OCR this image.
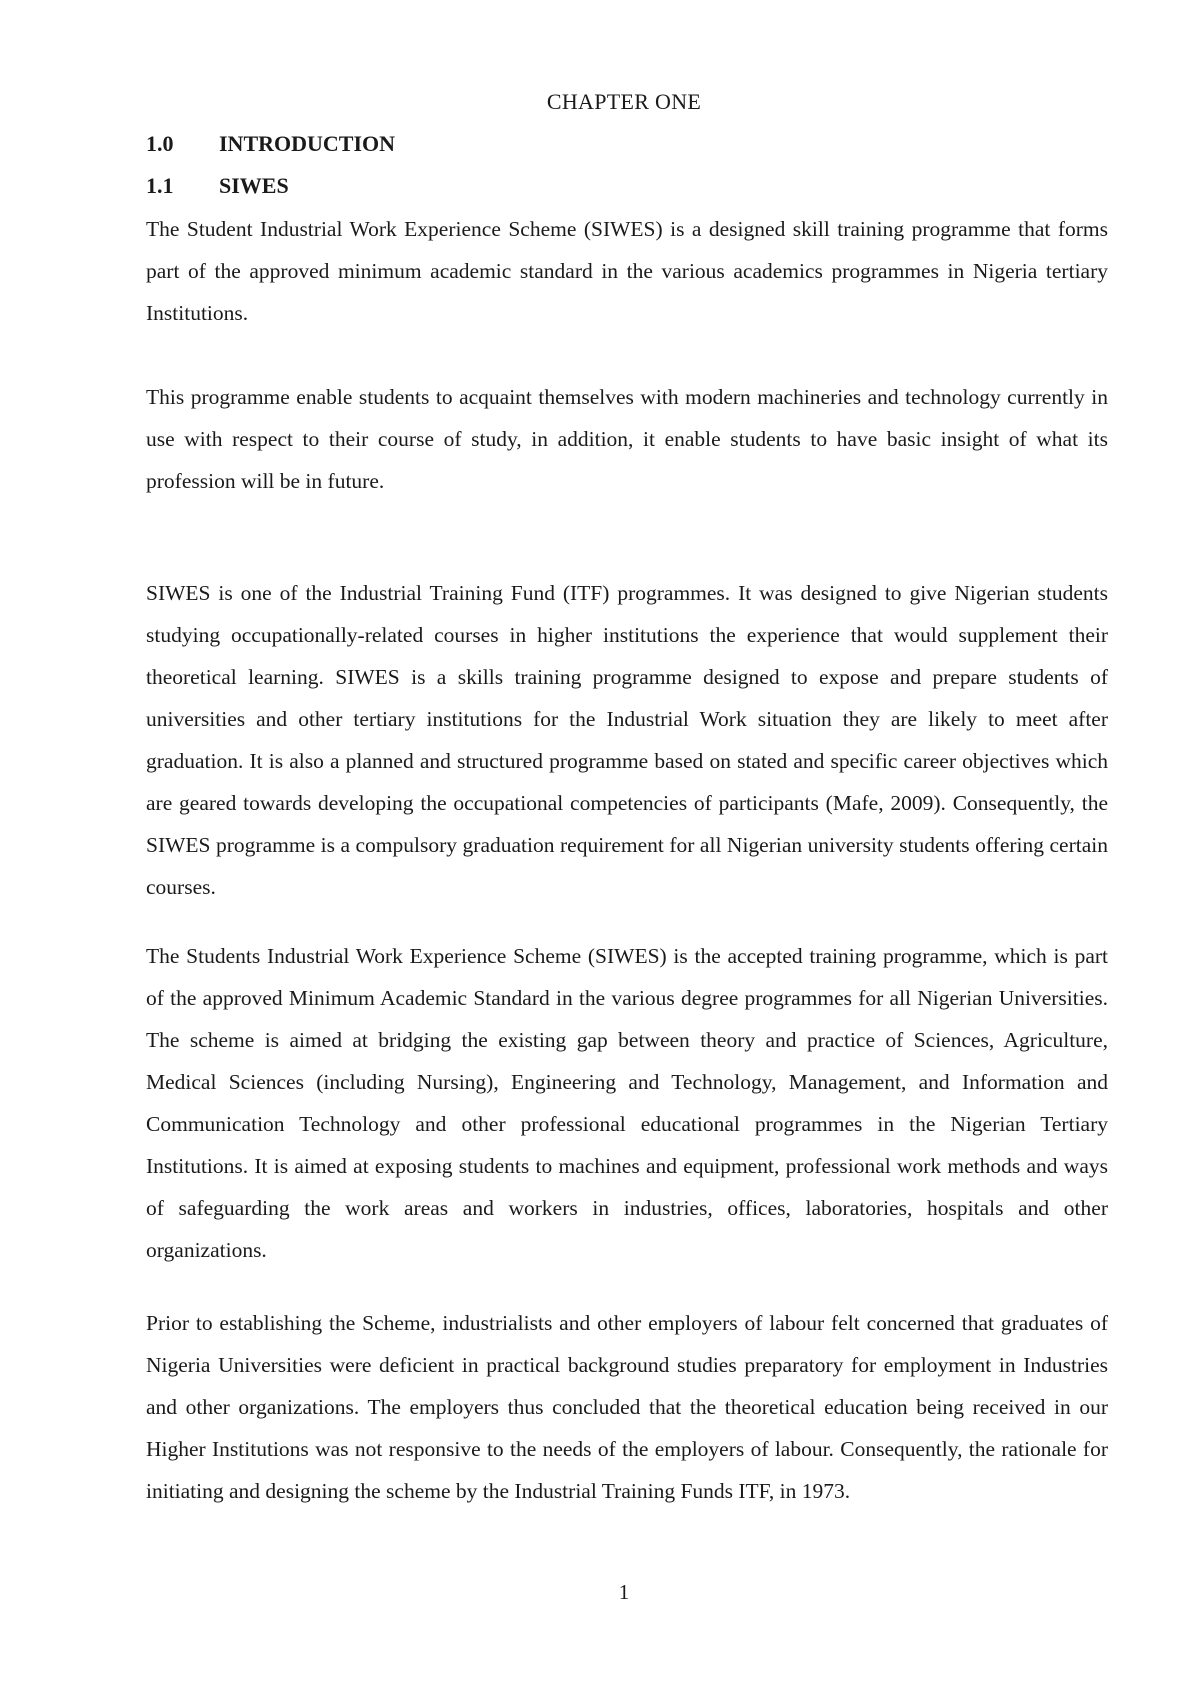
CHAPTER ONE
1.0 INTRODUCTION
1.1 SIWES

The Student Industrial Work Experience Scheme (SIWES) is a designed skill training programme that forms part of the approved minimum academic standard in the various academics programmes in Nigeria tertiary Institutions.

This programme enable students to acquaint themselves with modern machineries and technology currently in use with respect to their course of study, in addition, it enable students to have basic insight of what its profession will be in future.

SIWES is one of the Industrial Training Fund (ITF) programmes. It was designed to give Nigerian students studying occupationally-related courses in higher institutions the experience that would supplement their theoretical learning. SIWES is a skills training programme designed to expose and prepare students of universities and other tertiary institutions for the Industrial Work situation they are likely to meet after graduation. It is also a planned and structured programme based on stated and specific career objectives which are geared towards developing the occupational competencies of participants (Mafe, 2009). Consequently, the SIWES programme is a compulsory graduation requirement for all Nigerian university students offering certain courses.

The Students Industrial Work Experience Scheme (SIWES) is the accepted training programme, which is part of the approved Minimum Academic Standard in the various degree programmes for all Nigerian Universities. The scheme is aimed at bridging the existing gap between theory and practice of Sciences, Agriculture, Medical Sciences (including Nursing), Engineering and Technology, Management, and Information and Communication Technology and other professional educational programmes in the Nigerian Tertiary Institutions. It is aimed at exposing students to machines and equipment, professional work methods and ways of safeguarding the work areas and workers in industries, offices, laboratories, hospitals and other organizations.

Prior to establishing the Scheme, industrialists and other employers of labour felt concerned that graduates of Nigeria Universities were deficient in practical background studies preparatory for employment in Industries and other organizations. The employers thus concluded that the theoretical education being received in our Higher Institutions was not responsive to the needs of the employers of labour. Consequently, the rationale for initiating and designing the scheme by the Industrial Training Funds ITF, in 1973.

1
